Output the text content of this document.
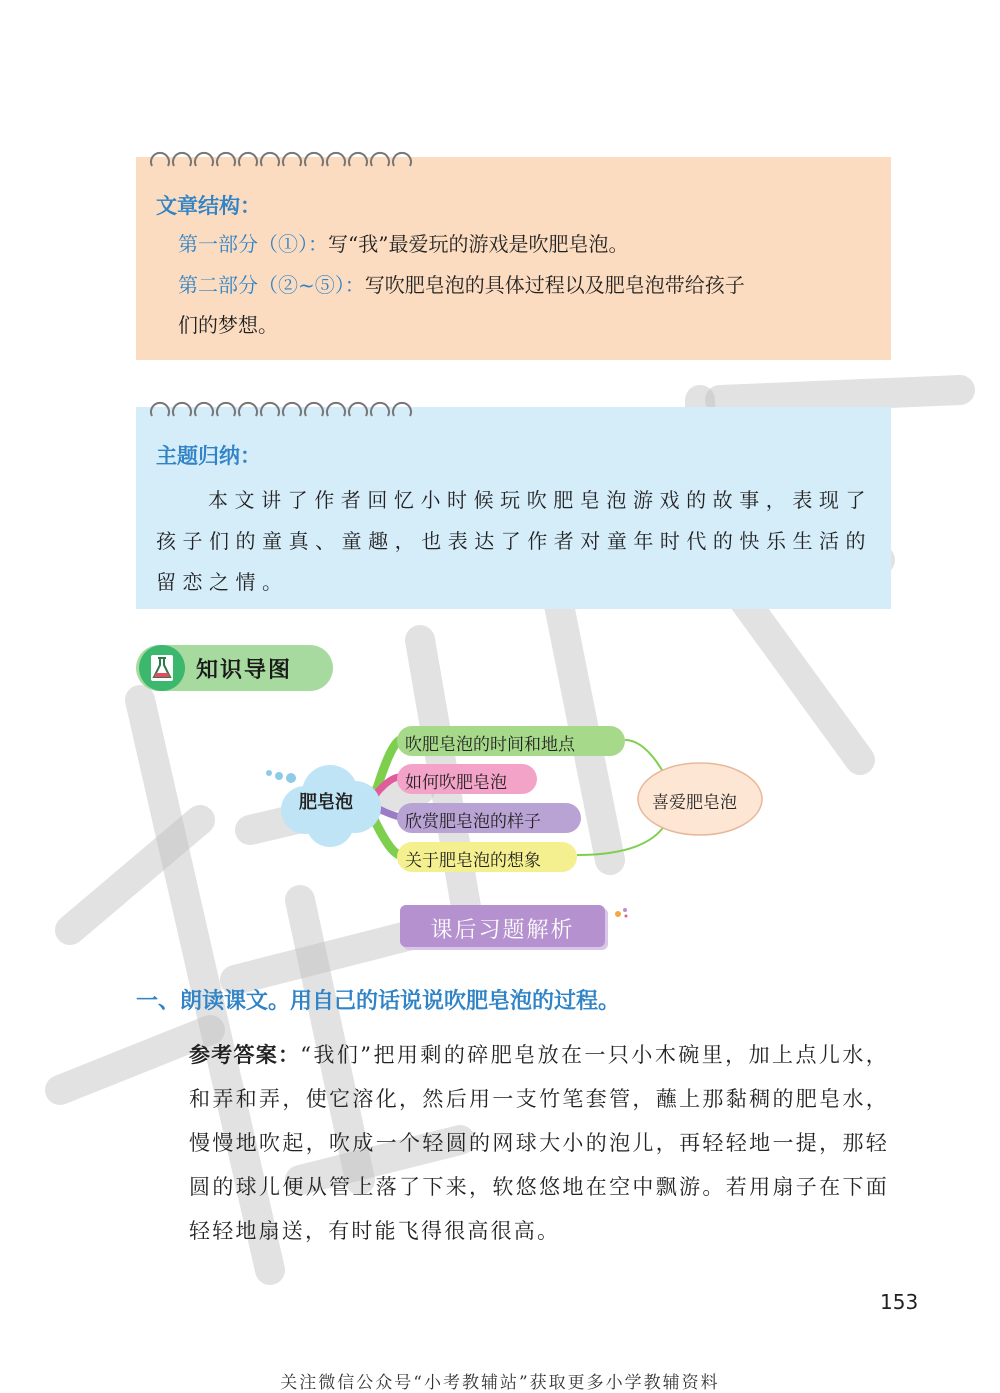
文章结构：
第一部分（①）：写“我”最爱玩的游戏是吹肥皂泡。
第二部分（②~⑤）：写吹肥皂泡的具体过程以及肥皂泡带给孩子
们的梦想。
主题归纳：
本文讲了作者回忆小时候玩吹肥皂泡游戏的故事，表现了孩子们的童真、童趣，也表达了作者对童年时代的快乐生活的留恋之情。
知识导图
肥皂泡
吹肥皂泡的时间和地点
如何吹肥皂泡
欣赏肥皂泡的样子
关于肥皂泡的想象
喜爱肥皂泡
课后习题解析
一、朗读课文。用自己的话说说吹肥皂泡的过程。
参考答案：“我们”把用剩的碎肥皂放在一只小木碗里，加上点儿水，和弄和弄，使它溶化，然后用一支竹笔套管，蘸上那黏稠的肥皂水，慢慢地吹起，吹成一个轻圆的网球大小的泡儿，再轻轻地一提，那轻圆的球儿便从管上落了下来，软悠悠地在空中飘游。若用扇子在下面轻轻地扇送，有时能飞得很高很高。
153
关注微信公众号“小考教辅站”获取更多小学教辅资料
